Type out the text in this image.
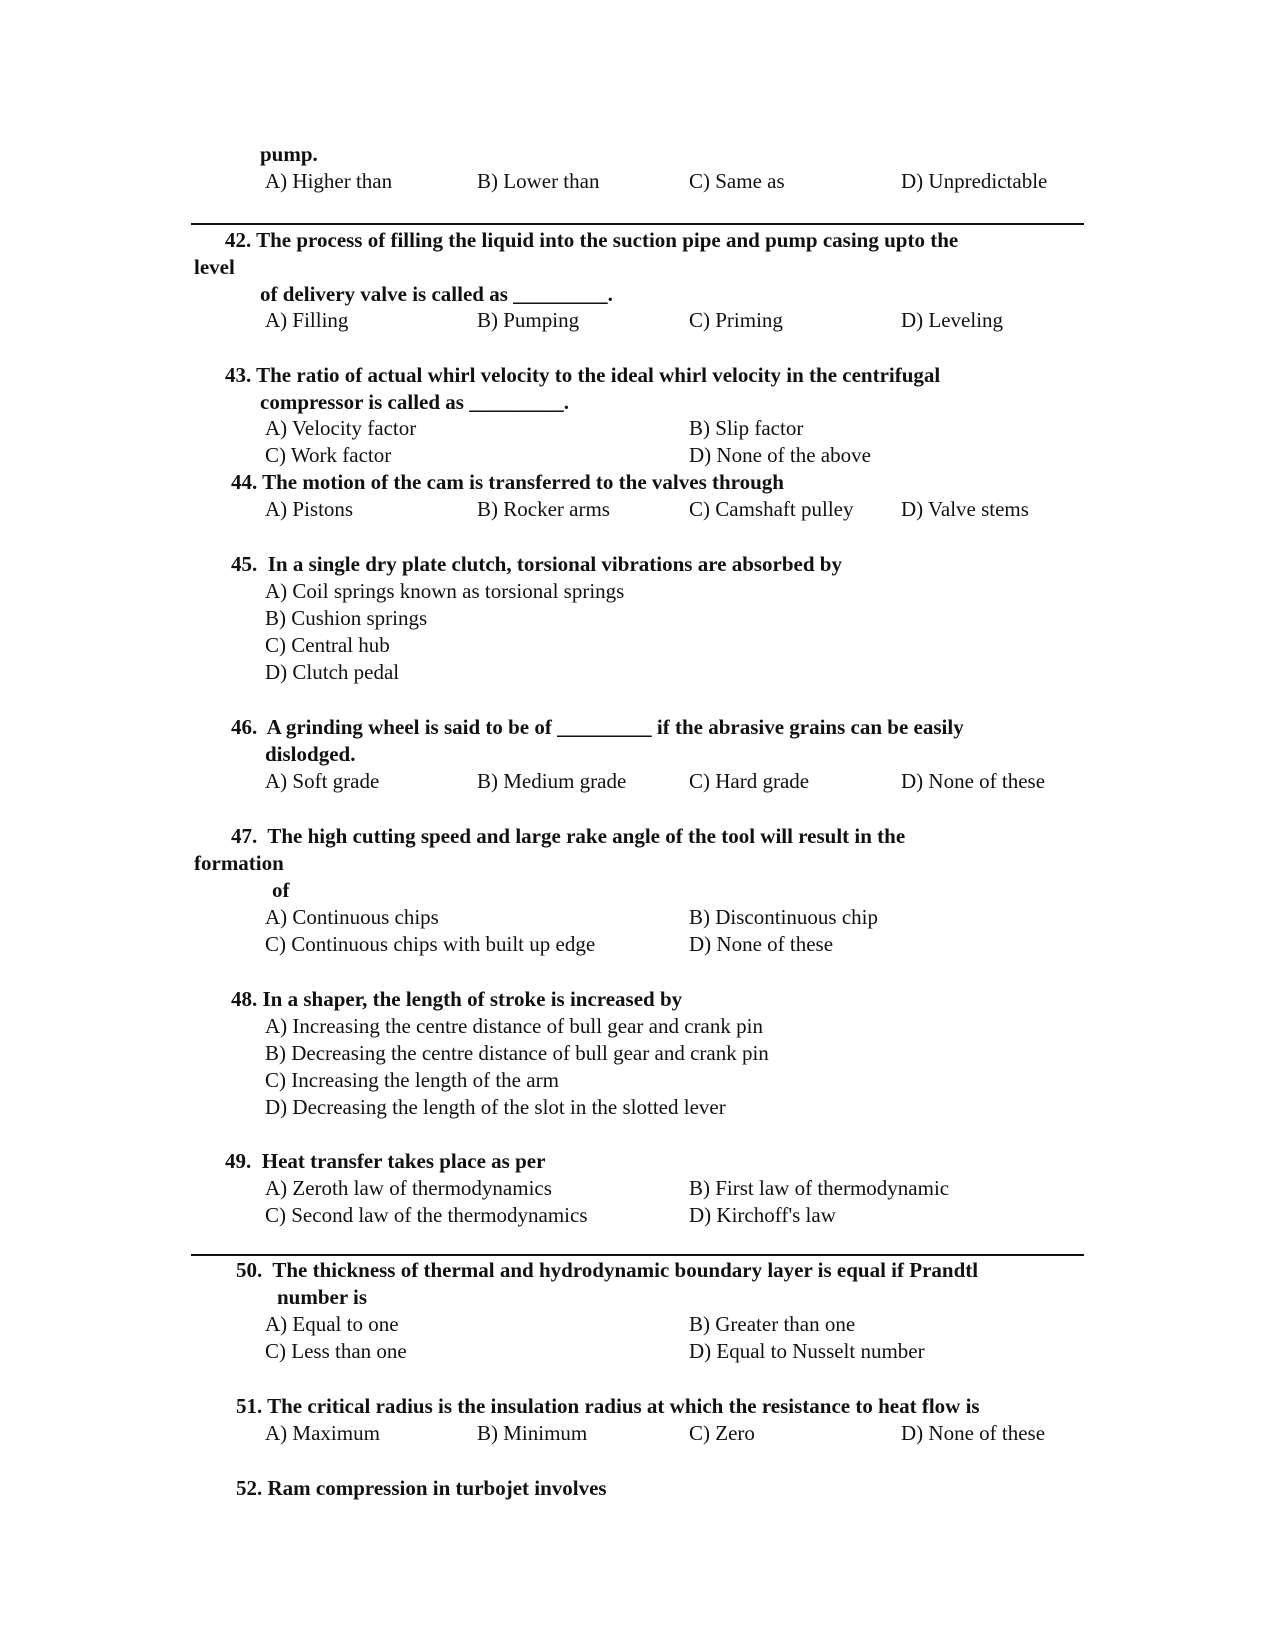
pump.
A) Higher than	B) Lower than	C) Same as	D) Unpredictable
42. The process of filling the liquid into the suction pipe and pump casing upto the
level
of delivery valve is called as _________.
A) Filling	B) Pumping	C) Priming	D) Leveling
43. The ratio of actual whirl velocity to the ideal whirl velocity in the centrifugal
compressor is called as _________.
A) Velocity factor	B) Slip factor
C) Work factor	D) None of the above
44. The motion of the cam is transferred to the valves through
A) Pistons	B) Rocker arms	C) Camshaft pulley D) Valve stems
45.  In a single dry plate clutch, torsional vibrations are absorbed by
A) Coil springs known as torsional springs
B) Cushion springs
C) Central hub
D) Clutch pedal
46.  A grinding wheel is said to be of _________ if the abrasive grains can be easily
dislodged.
A) Soft grade	B) Medium grade	C) Hard grade	D) None of these
47.  The high cutting speed and large rake angle of the tool will result in the
formation
of
A) Continuous chips	B) Discontinuous chip
C) Continuous chips with built up edge	D) None of these
48. In a shaper, the length of stroke is increased by
A) Increasing the centre distance of bull gear and crank pin
B) Decreasing the centre distance of bull gear and crank pin
C) Increasing the length of the arm
D) Decreasing the length of the slot in the slotted lever
49.  Heat transfer takes place as per
A) Zeroth law of thermodynamics	B) First law of thermodynamic
C) Second law of the thermodynamics	D) Kirchoff's law
50.  The thickness of thermal and hydrodynamic boundary layer is equal if Prandtl
number is
A) Equal to one	B) Greater than one
C) Less than one	D) Equal to Nusselt number
51. The critical radius is the insulation radius at which the resistance to heat flow is
A) Maximum	B) Minimum	C) Zero	D) None of these
52. Ram compression in turbojet involves
